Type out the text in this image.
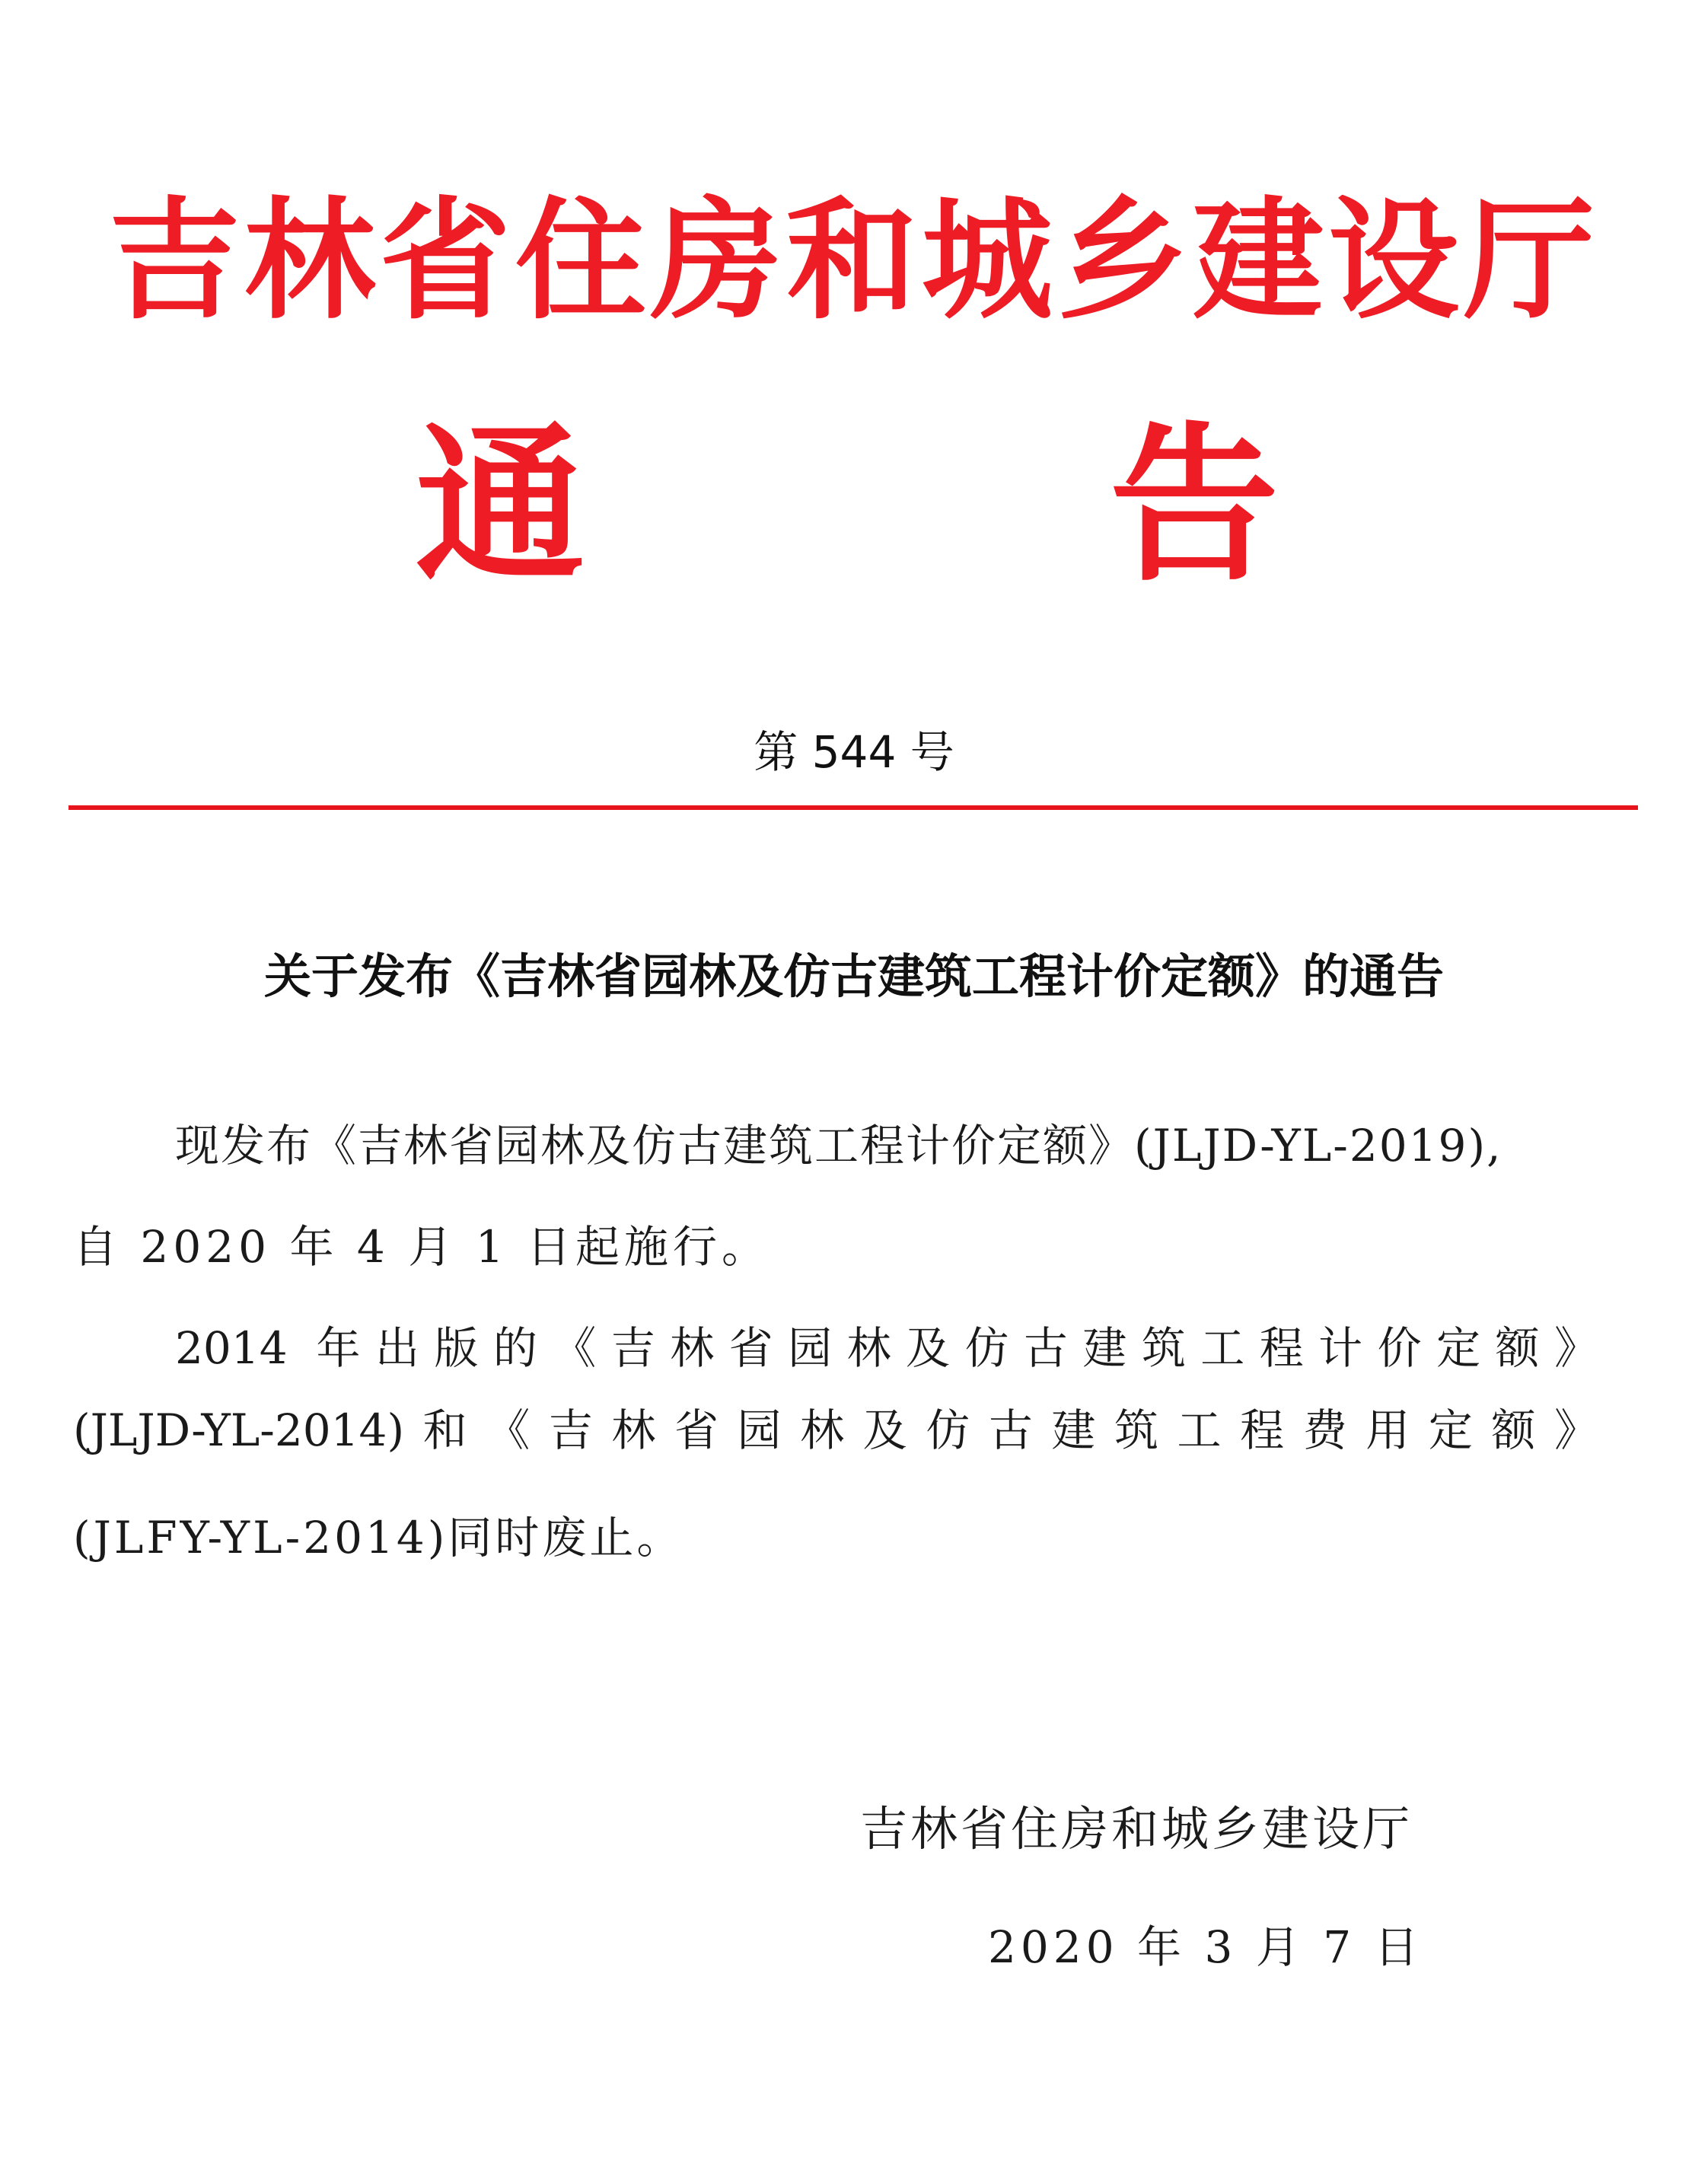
吉林省住房和城乡建设厅
通	告
第 544 号
关于发布《吉林省园林及仿古建筑工程计价定额》的通告
现发布《吉林省园林及仿古建筑工程计价定额》(JLJD-YL-2019),
自 2020 年 4 月 1 日起施行。
2014 年出版的《吉林省园林及仿古建筑工程计价定额》
(JLJD-YL-2014)和《吉林省园林及仿古建筑工程费用定额》
(JLFY-YL-2014)同时废止。
吉林省住房和城乡建设厅
2020 年 3 月 7 日
